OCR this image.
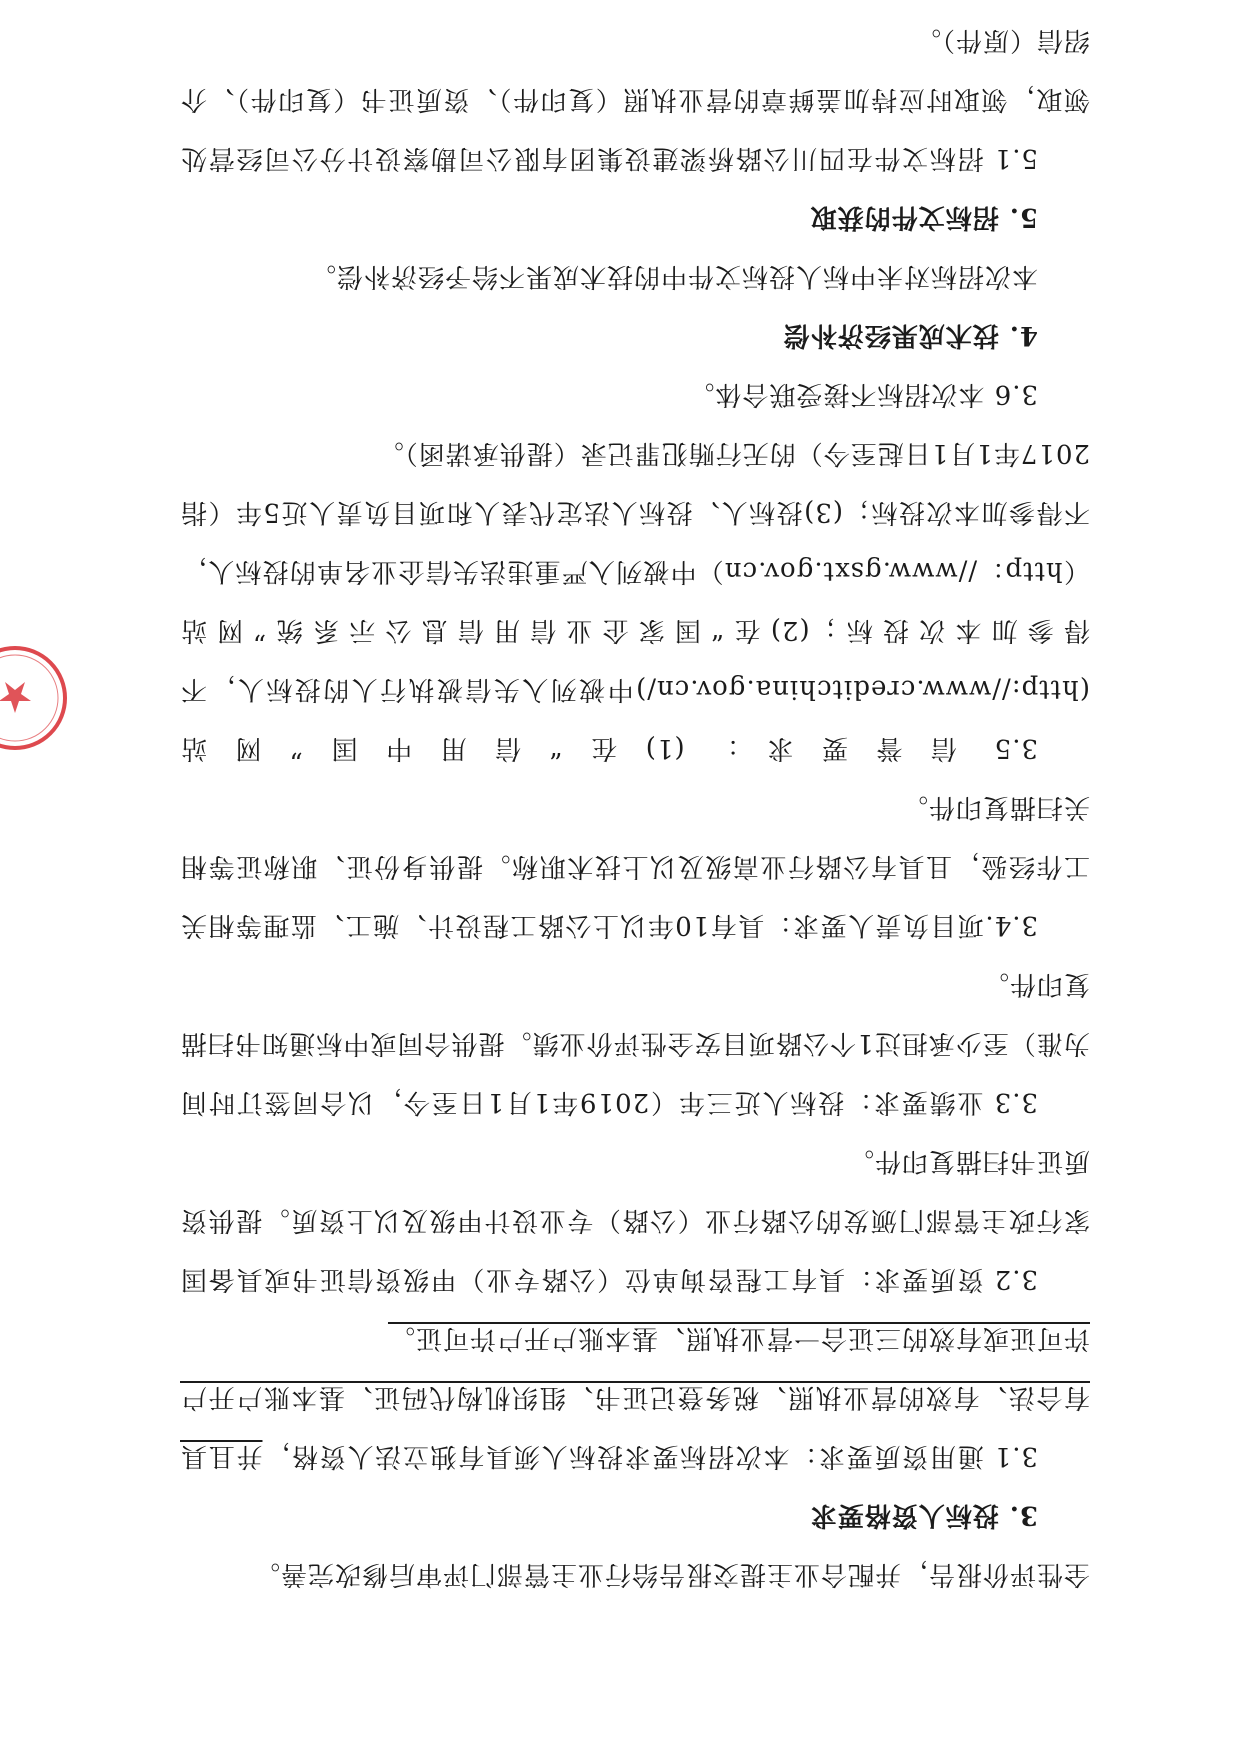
全性评价报告，并配合业主提交报告给行业主管部门评审后修改完善。

3. 投标人资格要求

3.1 通用资质要求：本次招标要求投标人须具有独立法人资格，并且具有合法、有效的营业执照、税务登记证书、组织机构代码证、基本账户开户许可证或有效的三证合一营业执照、基本账户开户许可证。

3.2 资质要求：具有工程咨询单位（公路专业）甲级资信证书或具备国家行政主管部门颁发的公路行业（公路）专业设计甲级及以上资质。提供资质证书扫描复印件。

3.3 业绩要求：投标人近三年（2019年1月1日至今，以合同签订时间为准）至少承担过1个公路项目安全性评价业绩。提供合同或中标通知书扫描复印件。

3.4.项目负责人要求：具有10年以上公路工程设计、施工、监理等相关工作经验，且具有公路行业高级及以上技术职称。提供身份证、职称证等相关扫描复印件。

3.5 信誉要求：(1)在“信用中国”网站(http://www.creditchina.gov.cn/)中被列入失信被执行人的投标人，不得参加本次投标；(2)在“国家企业信用信息公示系统”网站（http：//www.gsxt.gov.cn）中被列入严重违法失信企业名单的投标人，不得参加本次投标；(3)投标人、投标人法定代表人和项目负责人近5年（指2017年1月1日起至今）的无行贿犯罪记录（提供承诺函）。

3.6 本次招标不接受联合体。

4. 技术成果经济补偿

本次招标对未中标人投标文件中的技术成果不给予经济补偿。

5. 招标文件的获取

5.1 招标文件在四川公路桥梁建设集团有限公司勘察设计分公司经营处领取，领取时应持加盖鲜章的营业执照（复印件）、资质证书（复印件）、介绍信（原件）。
